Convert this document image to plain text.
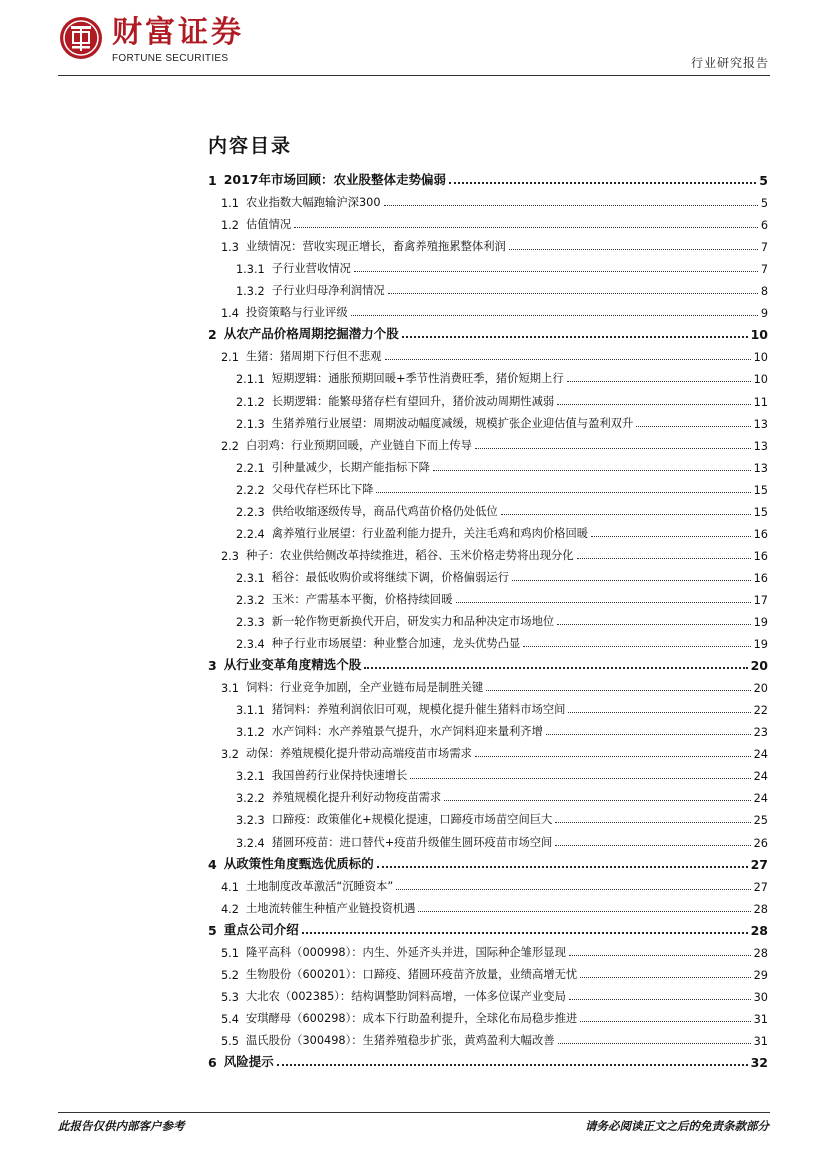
财富证券
FORTUNE SECURITIES	行业研究报告
内容目录
1 2017年市场回顾：农业股整体走势偏弱	5
1.1 农业指数大幅跑输沪深300	5
1.2 估值情况	6
1.3 业绩情况：营收实现正增长，畜禽养殖拖累整体利润	7
1.3.1 子行业营收情况	7
1.3.2 子行业归母净利润情况	8
1.4 投资策略与行业评级	9
2 从农产品价格周期挖掘潜力个股	10
2.1 生猪：猪周期下行但不悲观	10
2.1.1 短期逻辑：通胀预期回暖+季节性消费旺季，猪价短期上行	10
2.1.2 长期逻辑：能繁母猪存栏有望回升，猪价波动周期性减弱	11
2.1.3 生猪养殖行业展望：周期波动幅度减缓，规模扩张企业迎估值与盈利双升	13
2.2 白羽鸡：行业预期回暖，产业链自下而上传导	13
2.2.1 引种量减少，长期产能指标下降	13
2.2.2 父母代存栏环比下降	15
2.2.3 供给收缩逐级传导，商品代鸡苗价格仍处低位	15
2.2.4 禽养殖行业展望：行业盈利能力提升，关注毛鸡和鸡肉价格回暖	16
2.3 种子：农业供给侧改革持续推进，稻谷、玉米价格走势将出现分化	16
2.3.1 稻谷：最低收购价或将继续下调，价格偏弱运行	16
2.3.2 玉米：产需基本平衡，价格持续回暖	17
2.3.3 新一轮作物更新换代开启，研发实力和品种决定市场地位	19
2.3.4 种子行业市场展望：种业整合加速，龙头优势凸显	19
3 从行业变革角度精选个股	20
3.1 饲料：行业竞争加剧，全产业链布局是制胜关键	20
3.1.1 猪饲料：养殖利润依旧可观，规模化提升催生猪料市场空间	22
3.1.2 水产饲料：水产养殖景气提升，水产饲料迎来量利齐增	23
3.2 动保：养殖规模化提升带动高端疫苗市场需求	24
3.2.1 我国兽药行业保持快速增长	24
3.2.2 养殖规模化提升利好动物疫苗需求	24
3.2.3 口蹄疫：政策催化+规模化提速，口蹄疫市场苗空间巨大	25
3.2.4 猪圆环疫苗：进口替代+疫苗升级催生圆环疫苗市场空间	26
4 从政策性角度甄选优质标的	27
4.1 土地制度改革激活“沉睡资本”	27
4.2 土地流转催生种植产业链投资机遇	28
5 重点公司介绍	28
5.1 隆平高科（000998）：内生、外延齐头并进，国际种企雏形显现	28
5.2 生物股份（600201）：口蹄疫、猪圆环疫苗齐放量，业绩高增无忧	29
5.3 大北农（002385）：结构调整助饲料高增，一体多位谋产业变局	30
5.4 安琪酵母（600298）：成本下行助盈利提升，全球化布局稳步推进	31
5.5 温氏股份（300498）：生猪养殖稳步扩张，黄鸡盈利大幅改善	31
6 风险提示	32
此报告仅供内部客户参考	请务必阅读正文之后的免责条款部分
